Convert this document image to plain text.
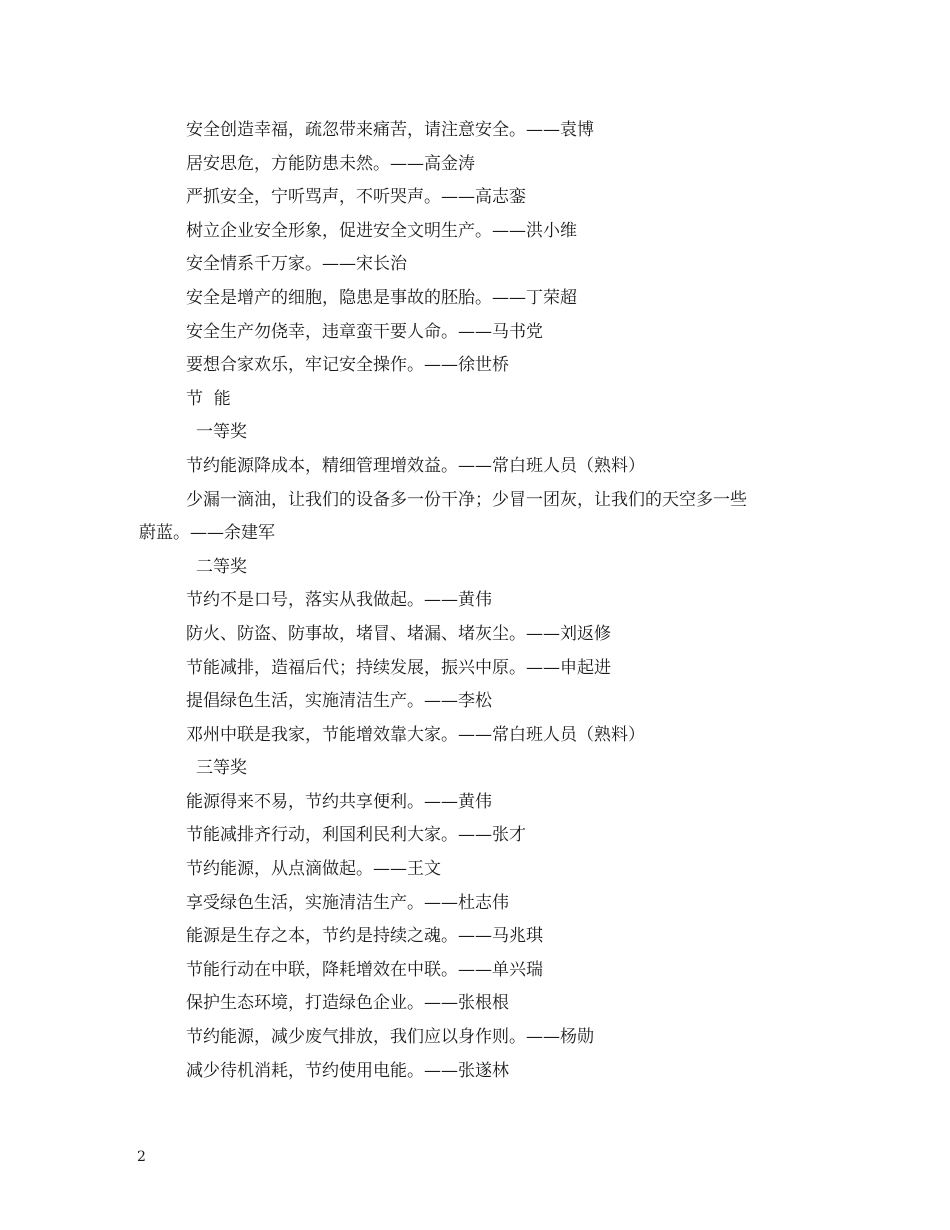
安全创造幸福，疏忽带来痛苦，请注意安全。——袁博
居安思危，方能防患未然。——高金涛
严抓安全，宁听骂声，不听哭声。——高志銮
树立企业安全形象，促进安全文明生产。——洪小维
安全情系千万家。——宋长治
安全是增产的细胞，隐患是事故的胚胎。——丁荣超
安全生产勿侥幸，违章蛮干要人命。——马书党
要想合家欢乐，牢记安全操作。——徐世桥
节  能
一等奖
节约能源降成本，精细管理增效益。——常白班人员（熟料）
少漏一滴油，让我们的设备多一份干净；少冒一团灰，让我们的天空多一些
蔚蓝。——余建军
二等奖
节约不是口号，落实从我做起。——黄伟
防火、防盗、防事故，堵冒、堵漏、堵灰尘。——刘返修
节能减排，造福后代；持续发展，振兴中原。——申起进
提倡绿色生活，实施清洁生产。——李松
邓州中联是我家，节能增效靠大家。——常白班人员（熟料）
三等奖
能源得来不易，节约共享便利。——黄伟
节能减排齐行动，利国利民利大家。——张才
节约能源，从点滴做起。——王文
享受绿色生活，实施清洁生产。——杜志伟
能源是生存之本，节约是持续之魂。——马兆琪
节能行动在中联，降耗增效在中联。——单兴瑞
保护生态环境，打造绿色企业。——张根根
节约能源，减少废气排放，我们应以身作则。——杨勋
减少待机消耗，节约使用电能。——张遂林
2
